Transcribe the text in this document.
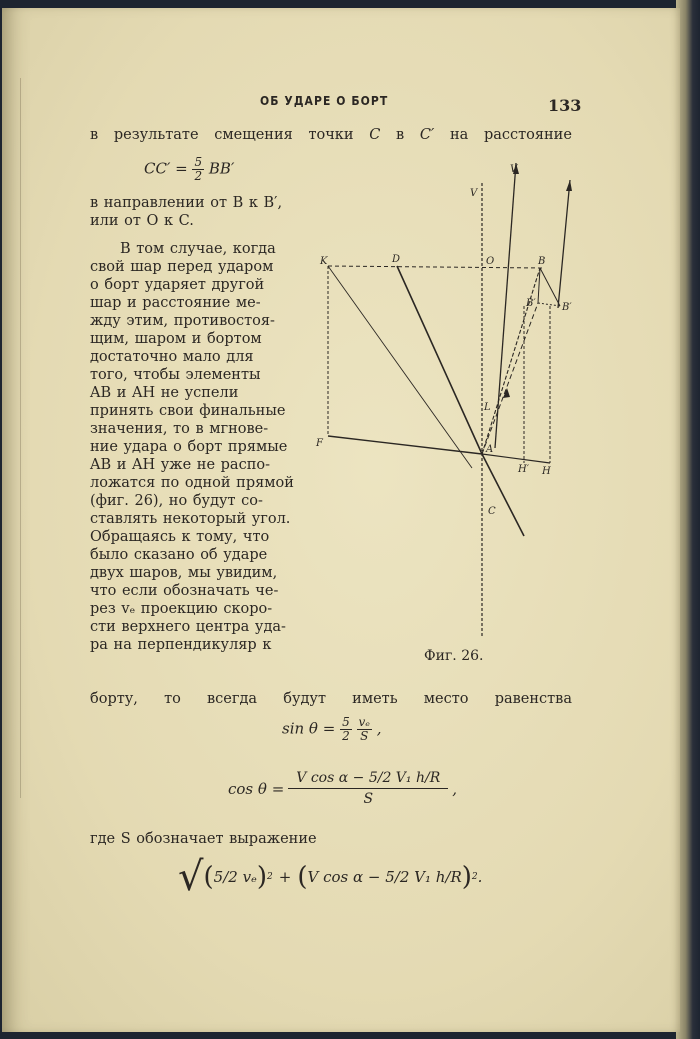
ОБ УДАРЕ О БОРТ	133
в результате смещения точки C в C′ на расстояние
$CC' = \frac{5}{2} BB'$
в направлении от B к B′,
или от O к C.
В том случае, когда
свой шар перед ударом
о борт ударяет другой
шар и расстояние ме-
жду этим, противостоя-
щим, шаром и бортом
достаточно мало для
того, чтобы элементы
AB и AH не успели
принять свои финальные
значения, то в мгнове-
ние удара о борт прямые
AB и AH уже не распо-
ложатся по одной прямой
(фиг. 26), но будут со-
ставлять некоторый угол.
Обращаясь к тому, что
было сказано об ударе
двух шаров, мы увидим,
что если обозначать че-
рез vₑ проекцию скоро-
сти верхнего центра уда-
ра на перпендикуляр к
V
V
K	D	O	B
B′	B′
L
A
F
H′ H
C
Фиг. 26.
борту, то всегда будут иметь место равенства
$\sin \theta = \frac{5}{2}$
$\frac{\text{vₑ}}{S}$ ,
$\cos \theta = \frac{\text{V cos α − 5/2 V₁ h/R}}{S}$ ,
где S обозначает выражение
√ ( 5/2 vₑ ) 2 + ( V cos α − 5/2 V₁ h/R ) 2 .
